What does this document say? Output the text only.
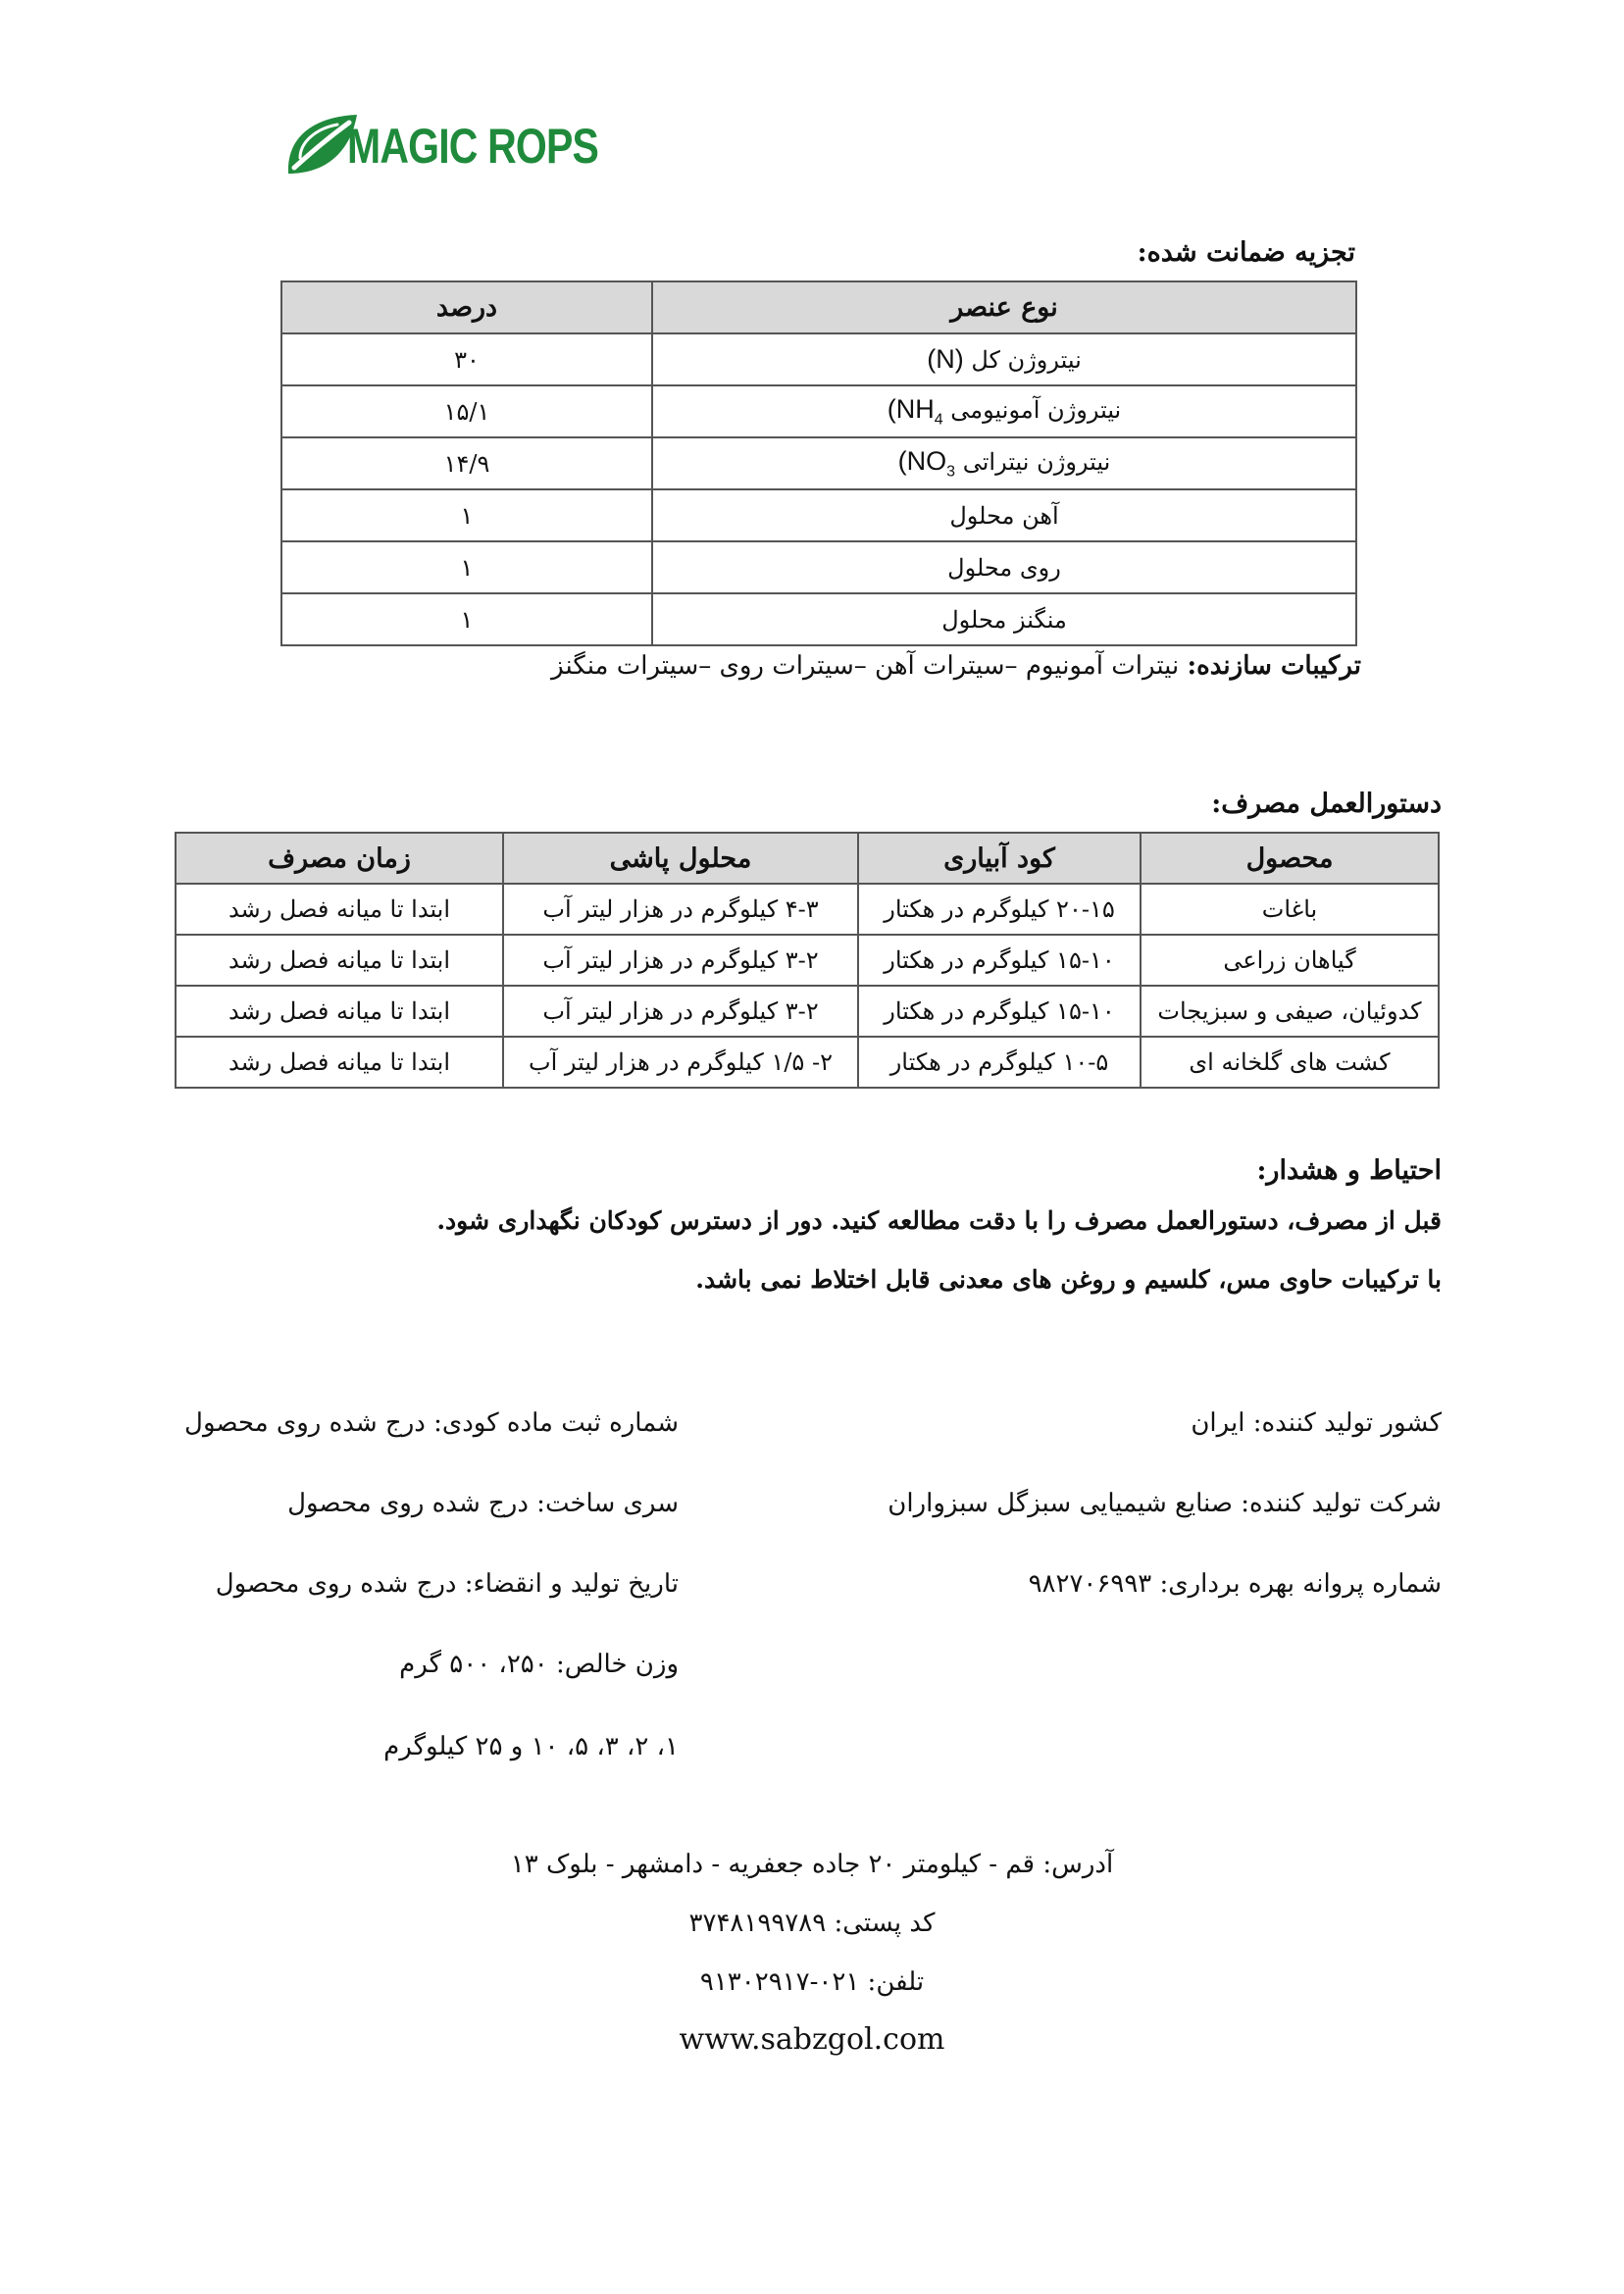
MAGIC ROPS
تجزیه ضمانت شده:
نوع عنصر	درصد
نیتروژن کل (N)	۳۰
نیتروژن آمونیومی ($NH_4$	۱۵/۱
نیتروژن نیتراتی ($NO_3$	۱۴/۹
آهن محلول	۱
روی محلول	۱
منگنز محلول	۱
ترکیبات سازنده: نیترات آمونیوم –سیترات آهن –سیترات روی –سیترات منگنز
دستورالعمل مصرف:
محصول	کود آبیاری	محلول پاشی	زمان مصرف
باغات	۲۰-۱۵ کیلوگرم در هکتار	۴-۳ کیلوگرم در هزار لیتر آب	ابتدا تا میانه فصل رشد
گیاهان زراعی	۱۵-۱۰ کیلوگرم در هکتار	۳-۲ کیلوگرم در هزار لیتر آب	ابتدا تا میانه فصل رشد
کدوئیان، صیفی و سبزیجات	۱۵-۱۰ کیلوگرم در هکتار	۳-۲ کیلوگرم در هزار لیتر آب	ابتدا تا میانه فصل رشد
کشت های گلخانه ای	۱۰-۵ کیلوگرم در هکتار	۲- ۱/۵ کیلوگرم در هزار لیتر آب	ابتدا تا میانه فصل رشد
احتیاط و هشدار:
قبل از مصرف، دستورالعمل مصرف را با دقت مطالعه کنید. دور از دسترس کودکان نگهداری شود.
با ترکیبات حاوی مس، کلسیم و روغن های معدنی قابل اختلاط نمی باشد.
کشور تولید کننده: ایران
شرکت تولید کننده: صنایع شیمیایی سبزگل سبزواران
شماره پروانه بهره برداری: ۹۸۲۷۰۶۹۹۳
شماره ثبت ماده کودی: درج شده روی محصول
سری ساخت: درج شده روی محصول
تاریخ تولید و انقضاء: درج شده روی محصول
وزن خالص: ۲۵۰، ۵۰۰ گرم
۱، ۲، ۳، ۵، ۱۰ و ۲۵ کیلوگرم
آدرس: قم - کیلومتر ۲۰ جاده جعفریه - دامشهر - بلوک ۱۳
کد پستی: ۳۷۴۸۱۹۹۷۸۹
تلفن: ۰۲۱-۹۱۳۰۲۹۱۷
www.sabzgol.com
